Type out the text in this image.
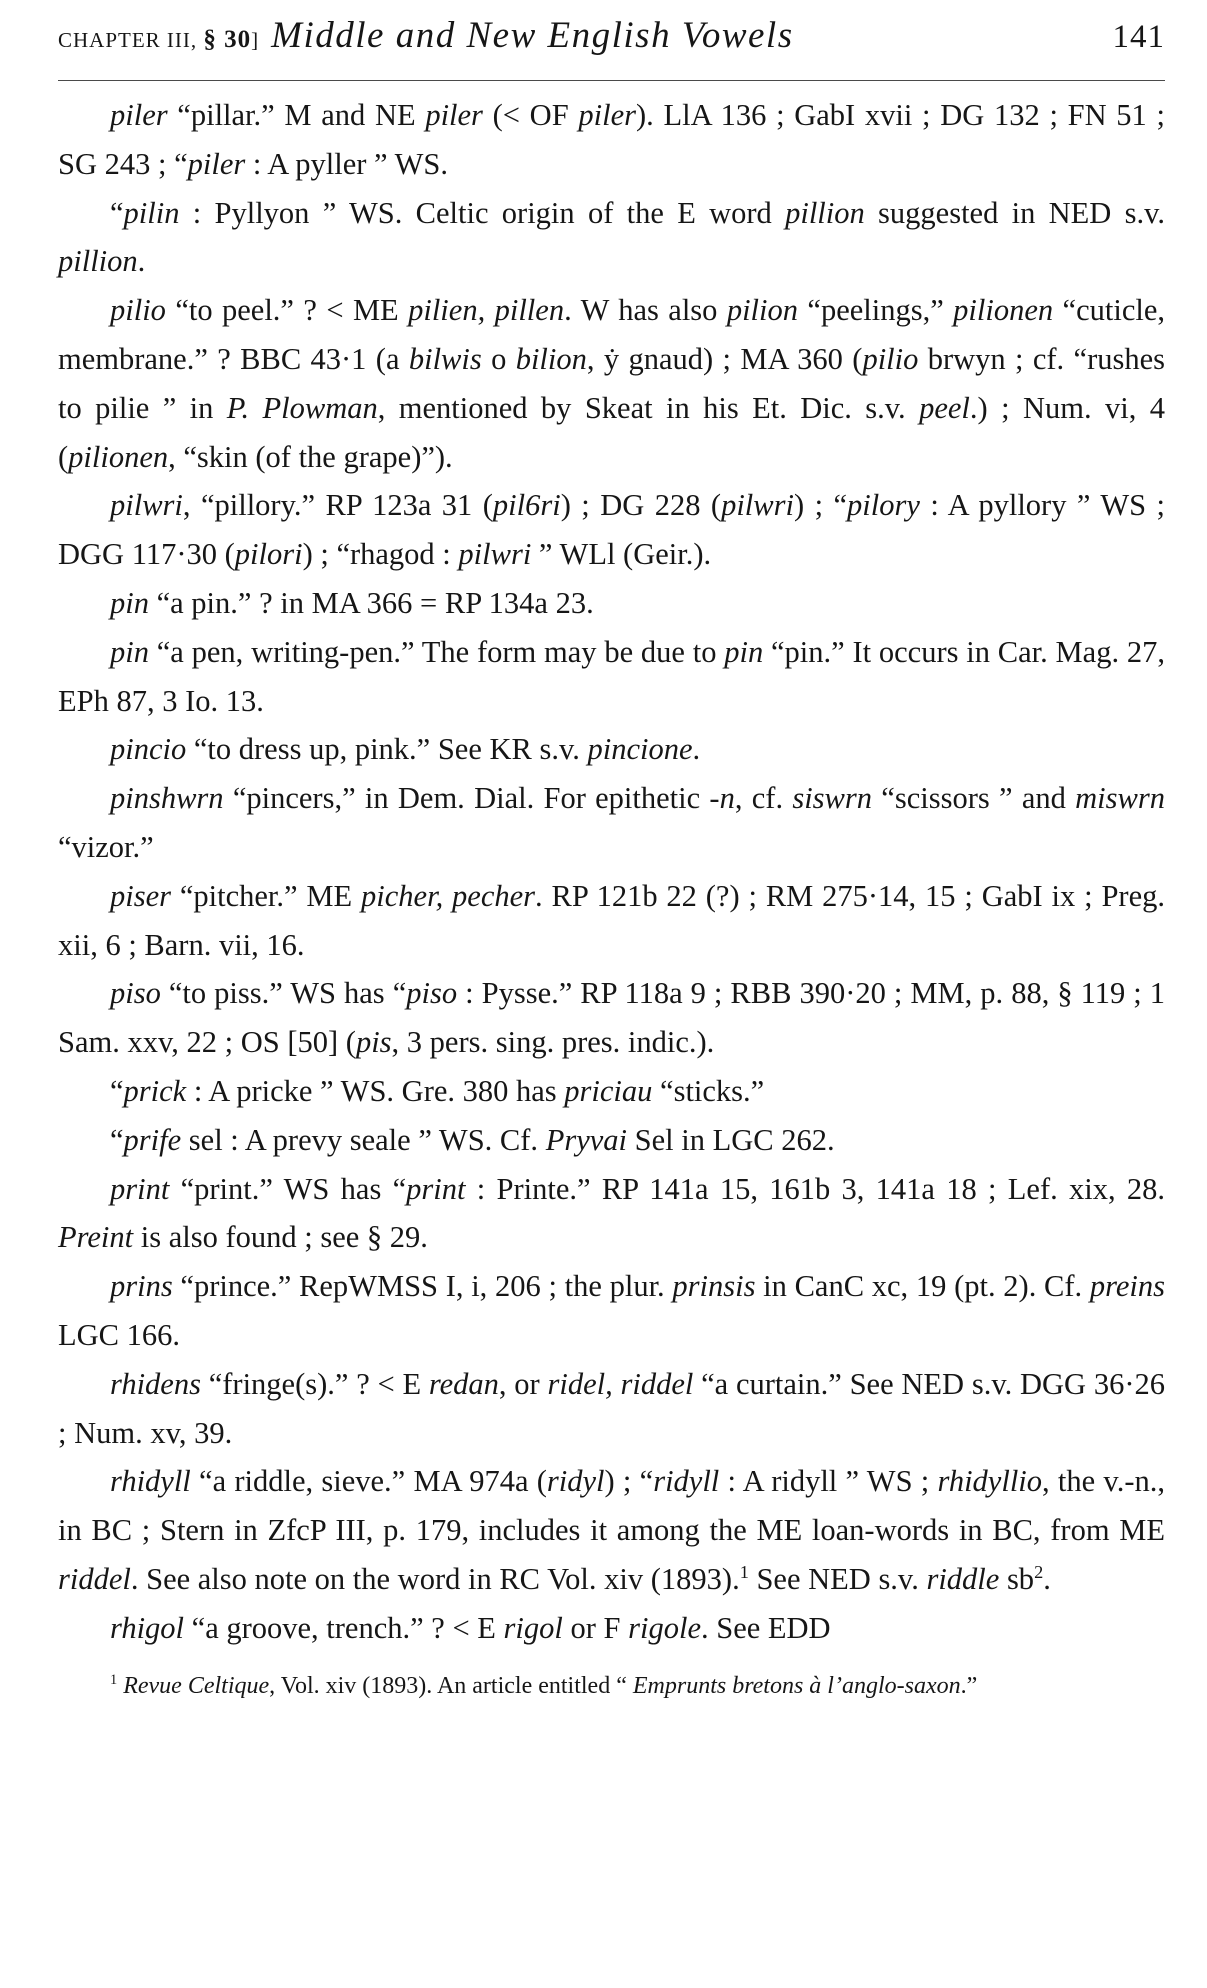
CHAPTER III, § 30] Middle and New English Vowels	141

piler “pillar.” M and NE piler (< OF piler). LlA 136 ; GabI xvii ; DG 132 ; FN 51 ; SG 243 ; “piler : A pyller ” WS.

“pilin : Pyllyon ” WS. Celtic origin of the E word pillion suggested in NED s.v. pillion.

pilio “to peel.” ? < ME pilien, pillen. W has also pilion “peelings,” pilionen “cuticle, membrane.” ? BBC 43·1 (a bilwis o bilion, ẏ gnaud) ; MA 360 (pilio brwyn ; cf. “rushes to pilie ” in P. Plowman, mentioned by Skeat in his Et. Dic. s.v. peel.) ; Num. vi, 4 (pilionen, “skin (of the grape)”).

pilwri, “pillory.” RP 123a 31 (pil6ri) ; DG 228 (pilwri) ; “pilory : A pyllory ” WS ; DGG 117·30 (pilori) ; “rhagod : pilwri ” WLl (Geir.).

pin “a pin.” ? in MA 366 = RP 134a 23.

pin “a pen, writing-pen.” The form may be due to pin “pin.” It occurs in Car. Mag. 27, EPh 87, 3 Io. 13.

pincio “to dress up, pink.” See KR s.v. pincione.

pinshwrn “pincers,” in Dem. Dial. For epithetic -n, cf. siswrn “scissors ” and miswrn “vizor.”

piser “pitcher.” ME picher, pecher. RP 121b 22 (?) ; RM 275·14, 15 ; GabI ix ; Preg. xii, 6 ; Barn. vii, 16.

piso “to piss.” WS has “piso : Pysse.” RP 118a 9 ; RBB 390·20 ; MM, p. 88, § 119 ; 1 Sam. xxv, 22 ; OS [50] (pis, 3 pers. sing. pres. indic.).

“prick : A pricke ” WS. Gre. 380 has priciau “sticks.”

“prife sel : A prevy seale ” WS. Cf. Pryvai Sel in LGC 262.

print “print.” WS has “print : Printe.” RP 141a 15, 161b 3, 141a 18 ; Lef. xix, 28. Preint is also found ; see § 29.

prins “prince.” RepWMSS I, i, 206 ; the plur. prinsis in CanC xc, 19 (pt. 2). Cf. preins LGC 166.

rhidens “fringe(s).” ? < E redan, or ridel, riddel “a curtain.” See NED s.v. DGG 36·26 ; Num. xv, 39.

rhidyll “a riddle, sieve.” MA 974a (ridyl) ; “ridyll : A ridyll ” WS ; rhidyllio, the v.-n., in BC ; Stern in ZfcP III, p. 179, includes it among the ME loan-words in BC, from ME riddel. See also note on the word in RC Vol. xiv (1893).$^1$ See NED s.v. riddle $sb^2$.

rhigol “a groove, trench.” ? < E rigol or F rigole. See EDD

$^1$ Revue Celtique, Vol. xiv (1893). An article entitled “ Emprunts bretons à l’anglo-saxon.”
